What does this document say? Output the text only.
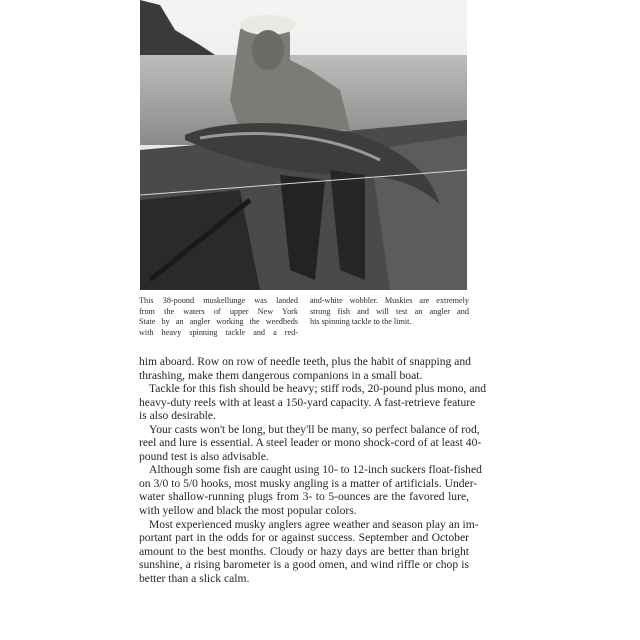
This 38-pound muskellunge was landed
from the waters of upper New York
State by an angler working the weedbeds
with heavy spinning tackle and a red-
and-white wobbler. Muskies are extremely
strong fish and will test an angler and
his spinning tackle to the limit.
him aboard. Row on row of needle teeth, plus the habit of snapping and
thrashing, make them dangerous companions in a small boat.
Tackle for this fish should be heavy; stiff rods, 20-pound plus mono, and
heavy-duty reels with at least a 150-yard capacity. A fast-retrieve feature
is also desirable.
Your casts won't be long, but they'll be many, so perfect balance of rod,
reel and lure is essential. A steel leader or mono shock-cord of at least 40-
pound test is also advisable.
Although some fish are caught using 10- to 12-inch suckers float-fished
on 3/0 to 5/0 hooks, most musky angling is a matter of artificials. Under-
water shallow-running plugs from 3- to 5-ounces are the favored lure,
with yellow and black the most popular colors.
Most experienced musky anglers agree weather and season play an im-
portant part in the odds for or against success. September and October
amount to the best months. Cloudy or hazy days are better than bright
sunshine, a rising barometer is a good omen, and wind riffle or chop is
better than a slick calm.
